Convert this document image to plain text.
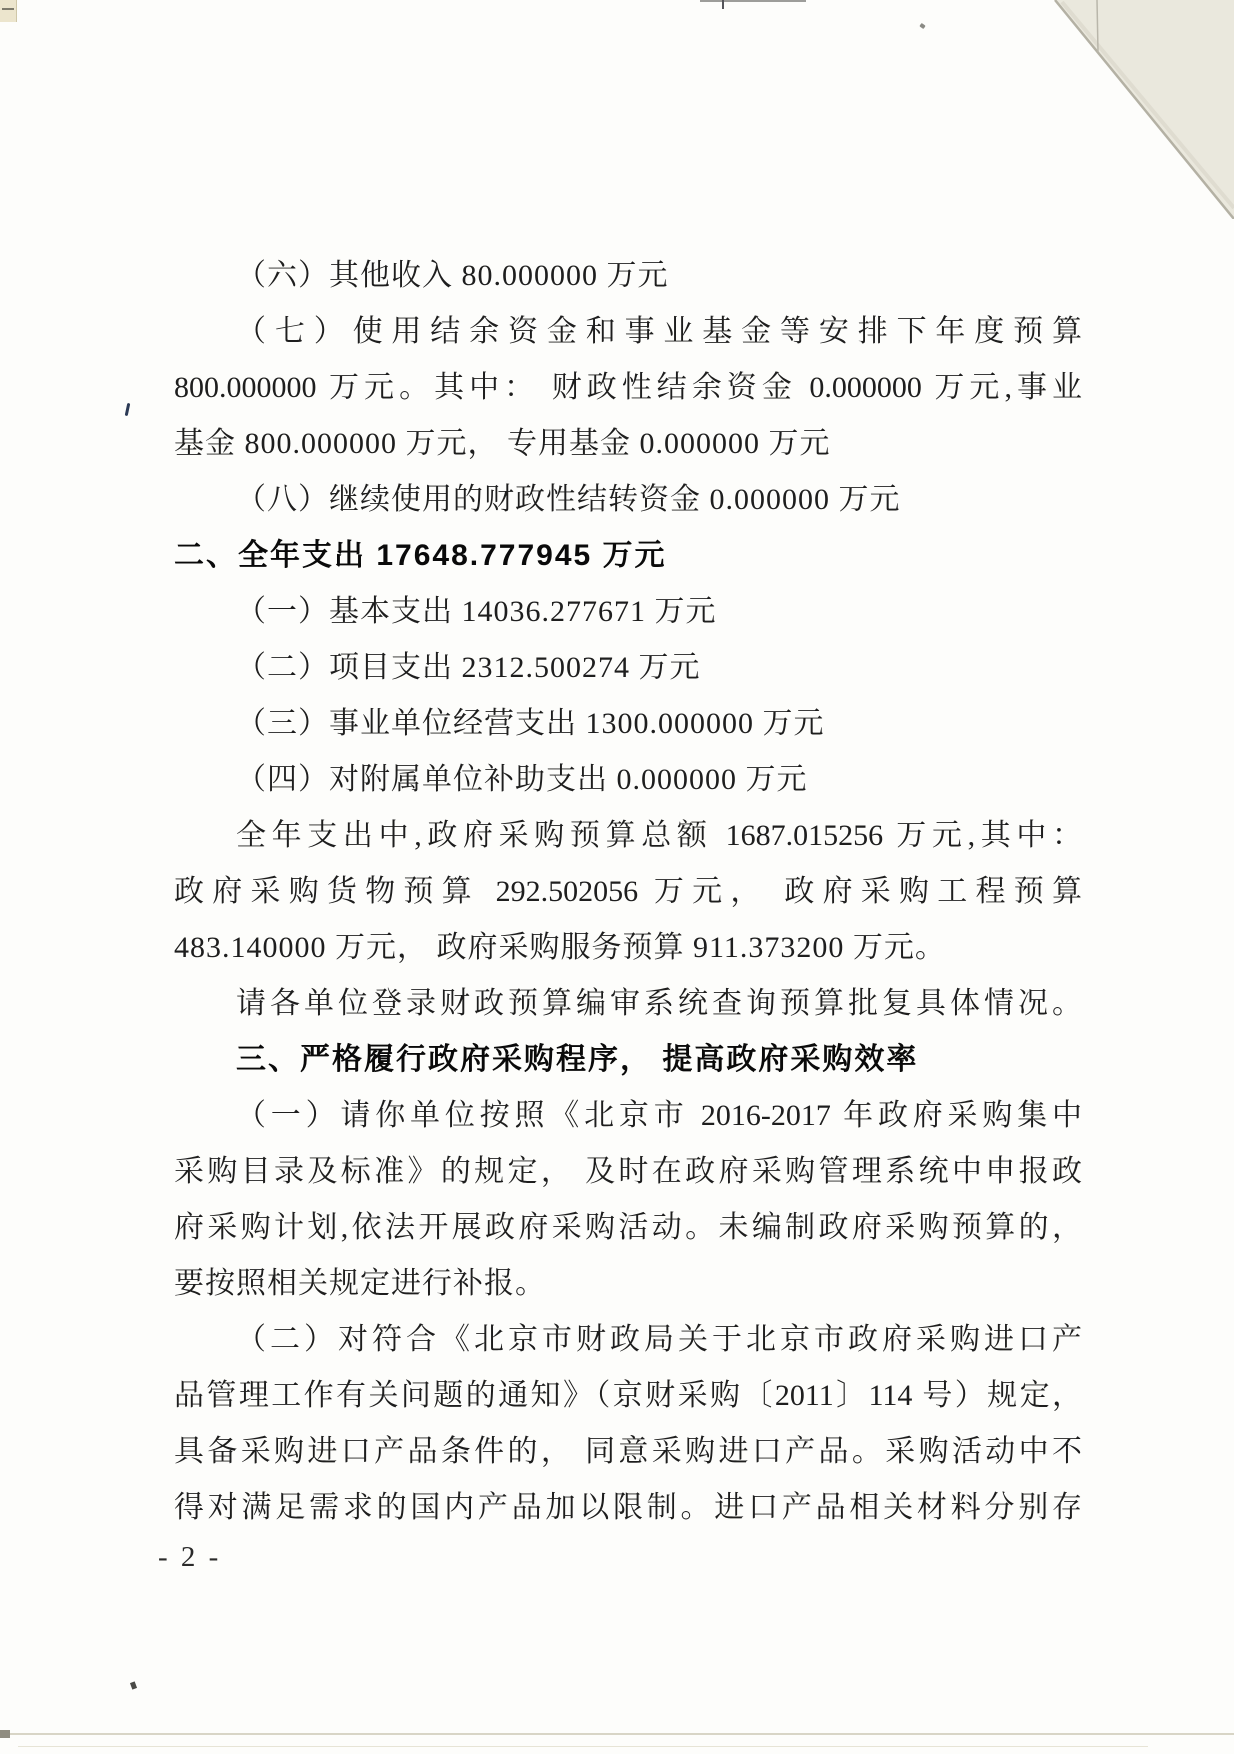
（六）其他收入 80.000000 万元
（七）使用结余资金和事业基金等安排下年度预算
800.000000 万元。其中： 财政性结余资金 0.000000 万元,事业
基金 800.000000 万元， 专用基金 0.000000 万元
（八）继续使用的财政性结转资金 0.000000 万元
二、全年支出 17648.777945 万元
（一）基本支出 14036.277671 万元
（二）项目支出 2312.500274 万元
（三）事业单位经营支出 1300.000000 万元
（四）对附属单位补助支出 0.000000 万元
全年支出中,政府采购预算总额 1687.015256 万元,其中：
政府采购货物预算 292.502056 万元， 政府采购工程预算
483.140000 万元， 政府采购服务预算 911.373200 万元。
请各单位登录财政预算编审系统查询预算批复具体情况。
三、严格履行政府采购程序， 提高政府采购效率
（一）请你单位按照《北京市 2016-2017 年政府采购集中
采购目录及标准》的规定， 及时在政府采购管理系统中申报政
府采购计划,依法开展政府采购活动。未编制政府采购预算的，
要按照相关规定进行补报。
（二）对符合《北京市财政局关于北京市政府采购进口产
品管理工作有关问题的通知》（京财采购〔2011〕114 号）规定，
具备采购进口产品条件的， 同意采购进口产品。采购活动中不
得对满足需求的国内产品加以限制。进口产品相关材料分别存
- 2 -
